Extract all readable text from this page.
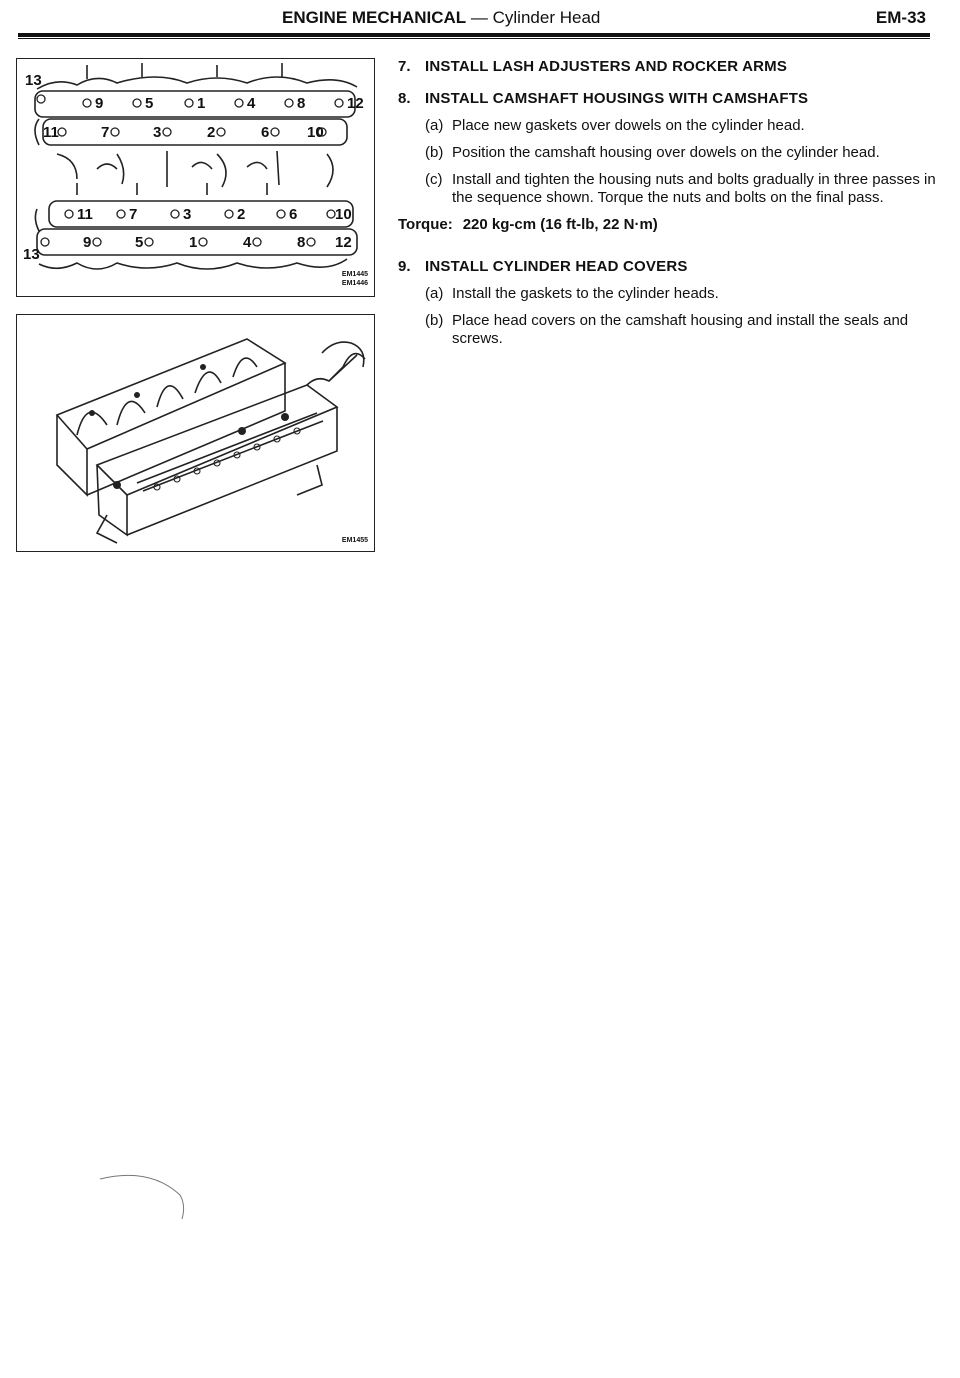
ENGINE MECHANICAL — Cylinder Head	EM-33
13
9	5	1	4	8	12
11	7	3	2	6	10
11 7	3	2	6	10
13
9	5	1	4	8 12
EM1445
EM1446
EM1455
7. INSTALL LASH ADJUSTERS AND ROCKER ARMS
8. INSTALL CAMSHAFT HOUSINGS WITH CAMSHAFTS
(a) Place new gaskets over dowels on the cylinder head.
(b) Position the camshaft housing over dowels on the cylinder head.
(c) Install and tighten the housing nuts and bolts gradually in three passes in the sequence shown. Torque the nuts and bolts on the final pass.
Torque: 220 kg-cm (16 ft-lb, 22 N·m)
9. INSTALL CYLINDER HEAD COVERS
(a) Install the gaskets to the cylinder heads.
(b) Place head covers on the camshaft housing and install the seals and screws.
